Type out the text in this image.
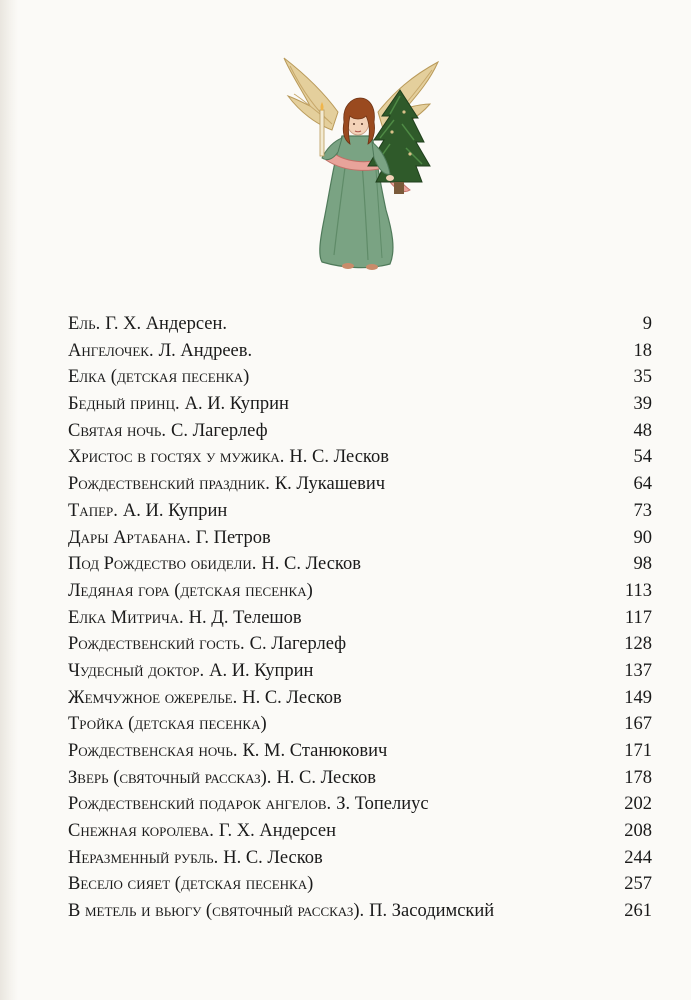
Ель. Г. Х. Андерсен.	9
Ангелочек. Л. Андреев.	18
Елка (детская песенка)	35
Бедный принц. А. И. Куприн	39
Святая ночь. С. Лагерлеф	48
Христос в гостях у мужика. Н. С. Лесков	54
Рождественский праздник. К. Лукашевич	64
Тапер. А. И. Куприн	73
Дары Артабана. Г. Петров	90
Под Рождество обидели. Н. С. Лесков	98
Ледяная гора (детская песенка)	113
Елка Митрича. Н. Д. Телешов	117
Рождественский гость. С. Лагерлеф	128
Чудесный доктор. А. И. Куприн	137
Жемчужное ожерелье. Н. С. Лесков	149
Тройка (детская песенка)	167
Рождественская ночь. К. М. Станюкович	171
Зверь (святочный рассказ). Н. С. Лесков	178
Рождественский подарок ангелов. З. Топелиус	202
Снежная королева. Г. Х. Андерсен	208
Неразменный рубль. Н. С. Лесков	244
Весело сияет (детская песенка)	257
В метель и вьюгу (святочный рассказ). П. Засодимский	261
